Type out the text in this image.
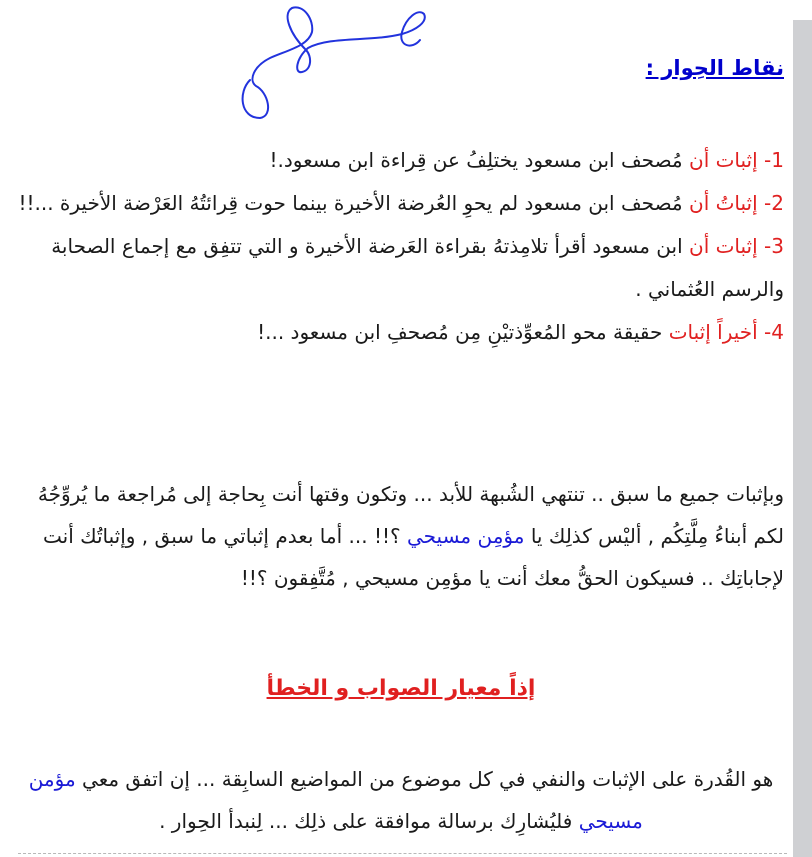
نقاط الحِوار :

1- إثبات أن مُصحف ابن مسعود يختلِفُ عن قِراءة ابن مسعود.!

2- إثباتُ أن مُصحف ابن مسعود لم يحوِ العُرضة الأخيرة بينما حوت قِرائتُهُ العَرْضة الأخيرة ...!!

3- إثبات أن ابن مسعود أقرأ تلامِذتهُ بقراءة العَرضة الأخيرة و التي تتفِق مع إجماع الصحابة والرسم العُثماني .

4- أخيراً إثبات حقيقة محو المُعوِّذتيْنِ مِن مُصحفِ ابن مسعود ...!

وبإثبات جميع ما سبق .. تنتهي الشُبهة للأبد ... وتكون وقتها أنت بِحاجة إلى مُراجعة ما يُروِّجُهُ لكم أبناءُ مِلَّتِكُم , أليْس كذلِك يا مؤمِن مسيحي ؟!! ... أما بعدم إثباتي ما سبق , وإثباتُك أنت لإجاباتِك .. فسيكون الحقُّ معك أنت يا مؤمِن مسيحي , مُتَّفِقون ؟!!

إذاً معيار الصواب و الخطأ

هو القُدرة على الإثبات والنفي في كل موضوع من المواضيع السابِقة ... إن اتفق معي مؤمن مسيحي فليُشارِك برسالة موافقة على ذلِك ... لِنبدأ الحِوار .
